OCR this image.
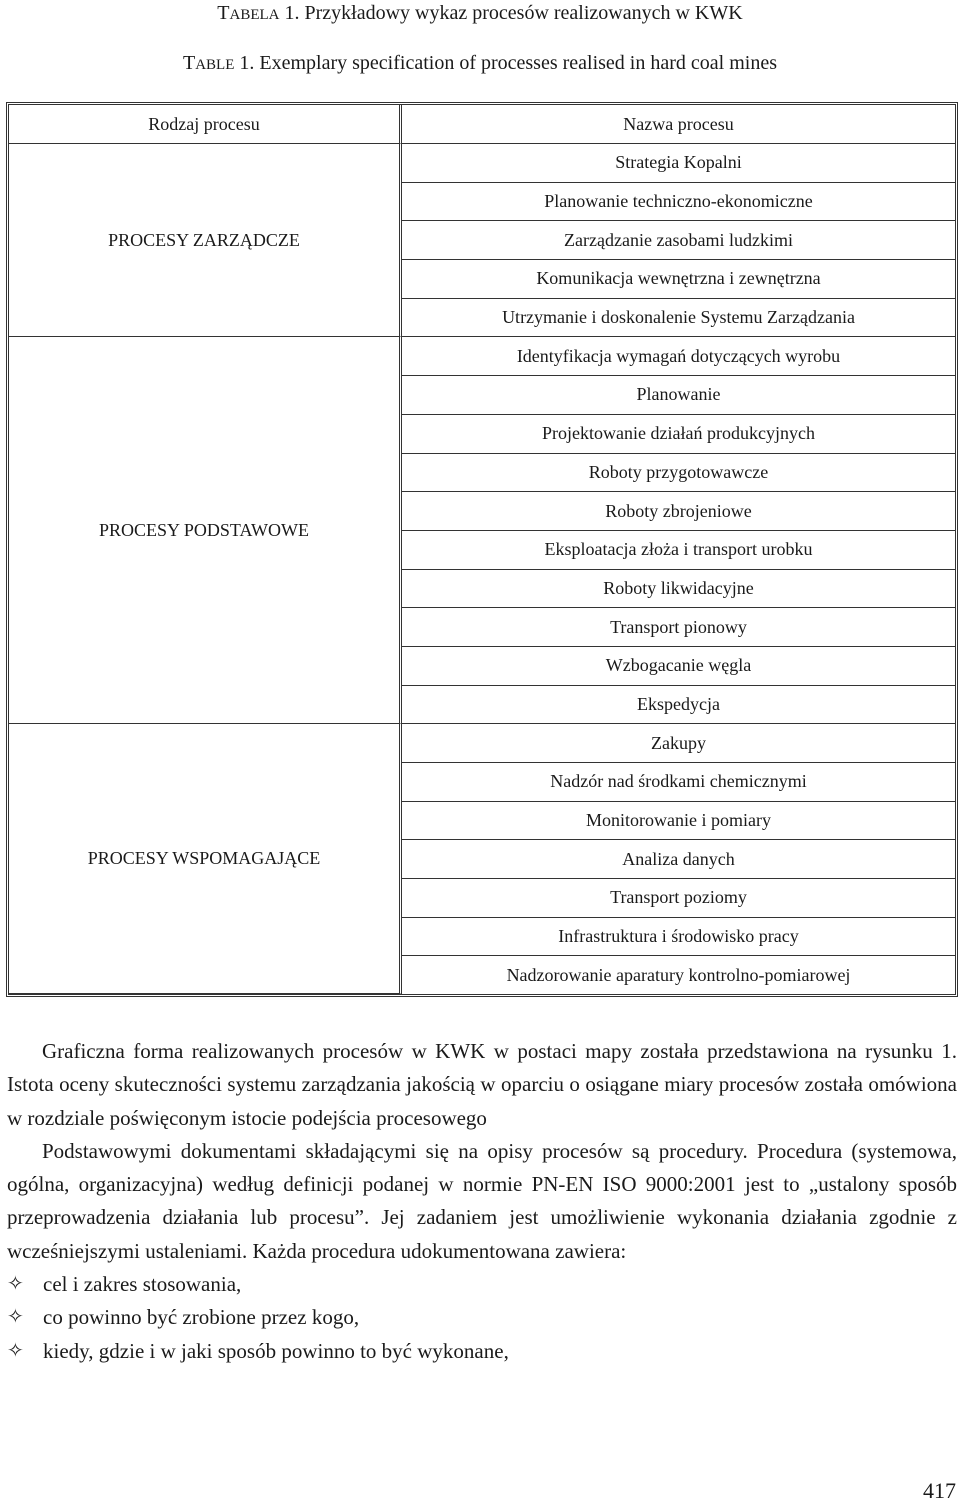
TABELA 1. Przykładowy wykaz procesów realizowanych w KWK
TABLE 1. Exemplary specification of processes realised in hard coal mines
Rodzaj procesu	Nazwa procesu
PROCESY ZARZĄDCZE	Strategia Kopalni
	Planowanie techniczno-ekonomiczne
	Zarządzanie zasobami ludzkimi
	Komunikacja wewnętrzna i zewnętrzna
	Utrzymanie i doskonalenie Systemu Zarządzania
PROCESY PODSTAWOWE	Identyfikacja wymagań dotyczących wyrobu
	Planowanie
	Projektowanie działań produkcyjnych
	Roboty przygotowawcze
	Roboty zbrojeniowe
	Eksploatacja złoża i transport urobku
	Roboty likwidacyjne
	Transport pionowy
	Wzbogacanie węgla
	Ekspedycja
PROCESY WSPOMAGAJĄCE	Zakupy
	Nadzór nad środkami chemicznymi
	Monitorowanie i pomiary
	Analiza danych
	Transport poziomy
	Infrastruktura i środowisko pracy
	Nadzorowanie aparatury kontrolno-pomiarowej

Graficzna forma realizowanych procesów w KWK w postaci mapy została przedstawiona na rysunku 1. Istota oceny skuteczności systemu zarządzania jakością w oparciu o osiągane miary procesów została omówiona w rozdziale poświęconym istocie podejścia procesowego

Podstawowymi dokumentami składającymi się na opisy procesów są procedury. Procedura (systemowa, ogólna, organizacyjna) według definicji podanej w normie PN-EN ISO 9000:2001 jest to „ustalony sposób przeprowadzenia działania lub procesu”. Jej zadaniem jest umożliwienie wykonania działania zgodnie z wcześniejszymi ustaleniami. Każda procedura udokumentowana zawiera:

✧ cel i zakres stosowania,
✧ co powinno być zrobione przez kogo,
✧ kiedy, gdzie i w jaki sposób powinno to być wykonane,
417
